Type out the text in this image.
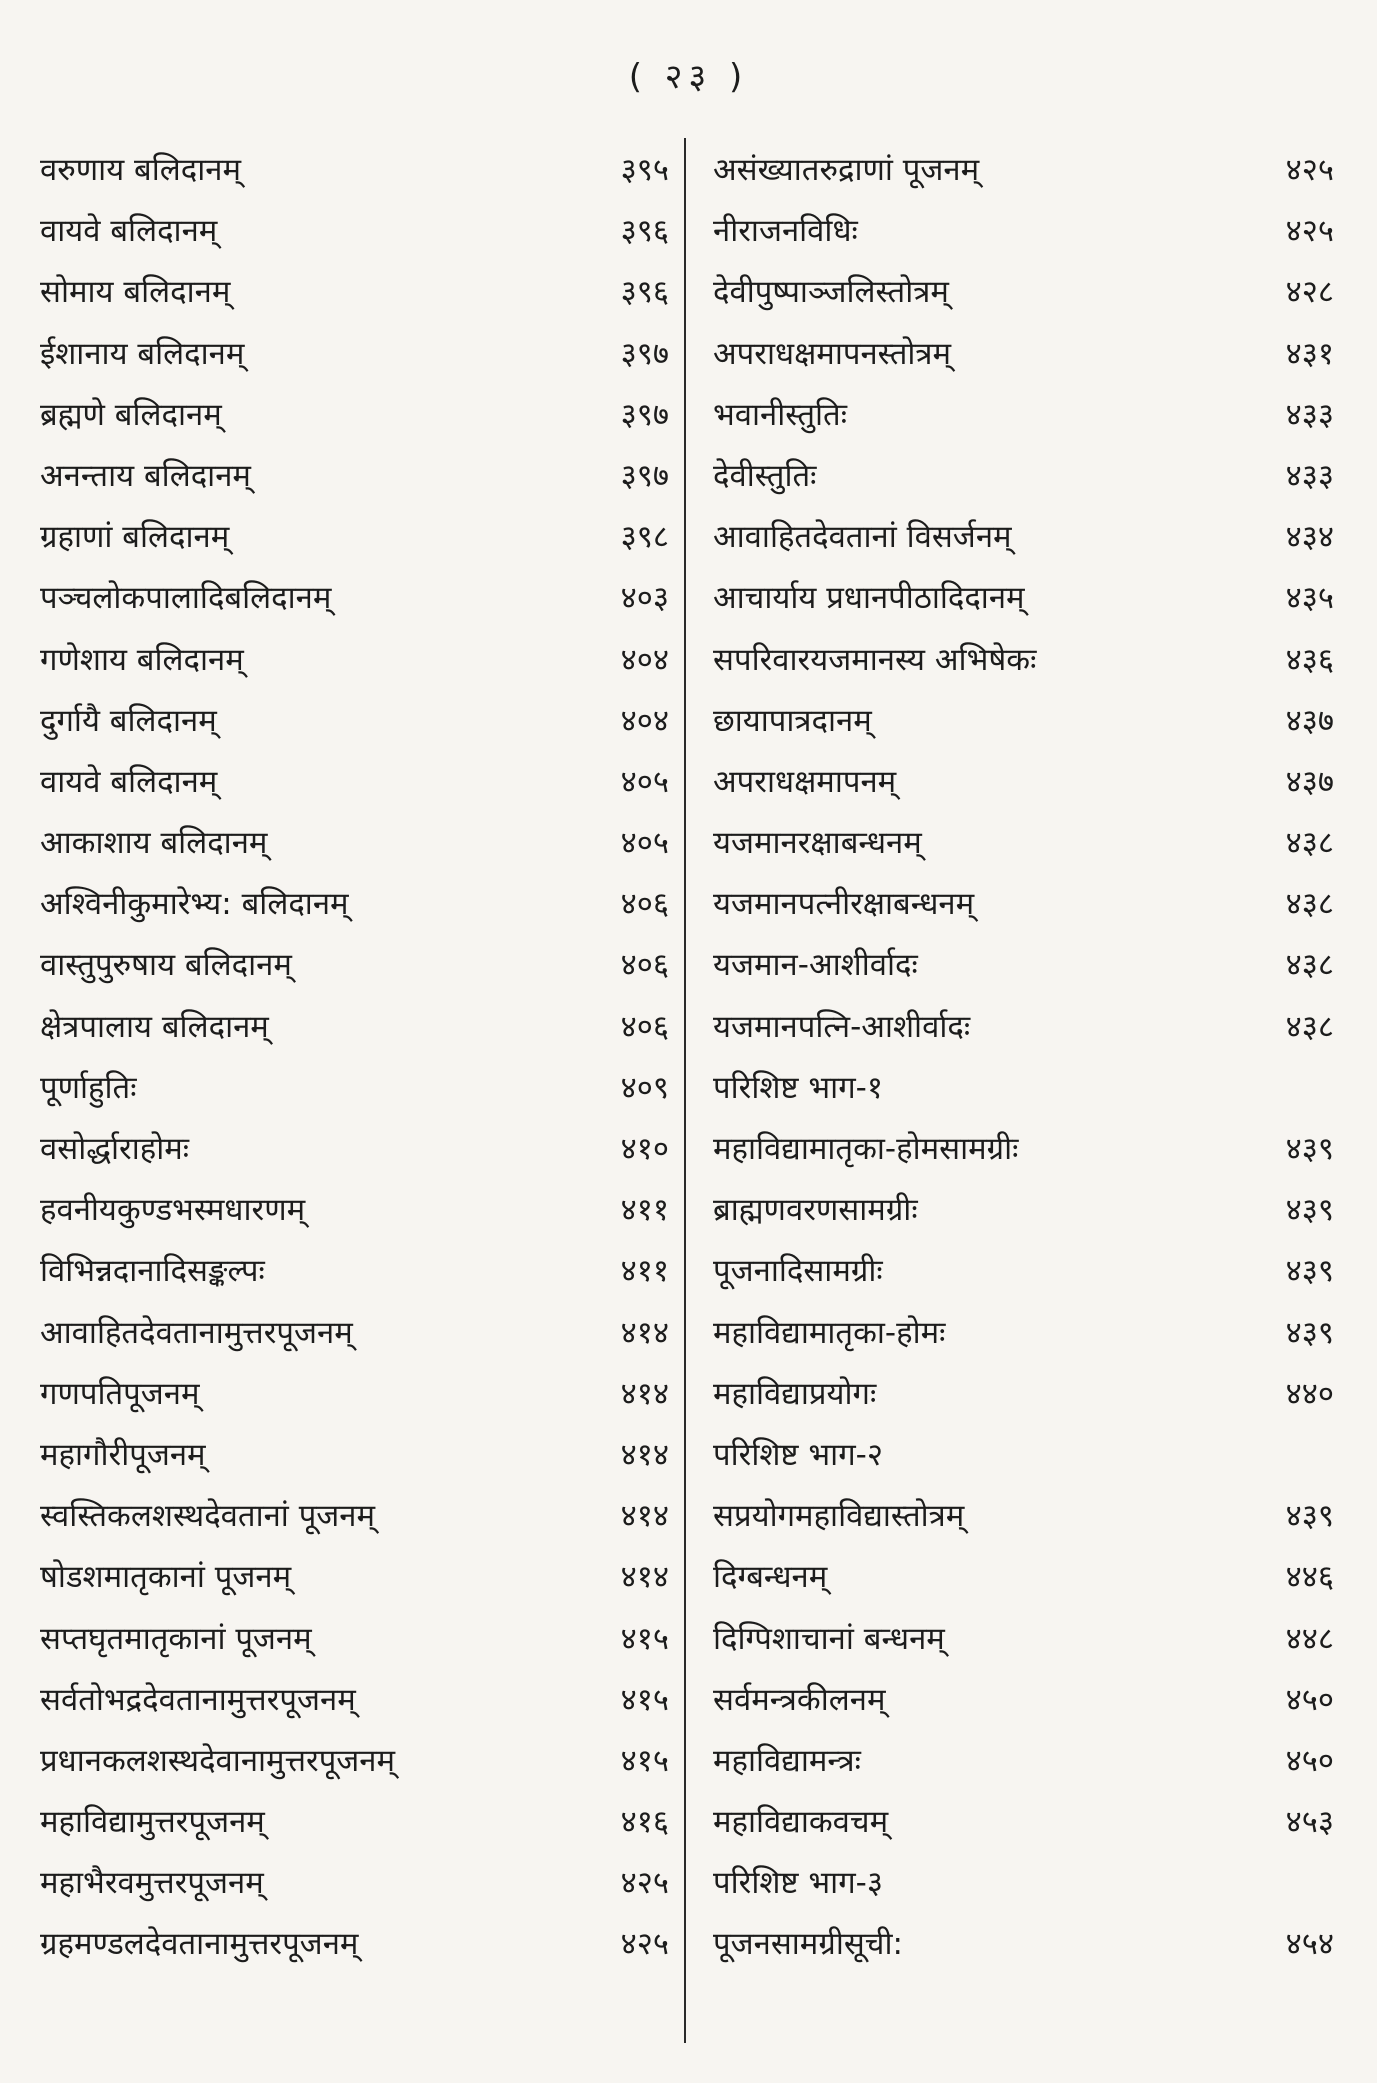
( २३ )
वरुणाय बलिदानम्	३९५
वायवे बलिदानम्	३९६
सोमाय बलिदानम्	३९६
ईशानाय बलिदानम्	३९७
ब्रह्मणे बलिदानम्	३९७
अनन्ताय बलिदानम्	३९७
ग्रहाणां बलिदानम्	३९८
पञ्चलोकपालादिबलिदानम्	४०३
गणेशाय बलिदानम्	४०४
दुर्गायै बलिदानम्	४०४
वायवे बलिदानम्	४०५
आकाशाय बलिदानम्	४०५
अश्विनीकुमारेभ्य: बलिदानम्	४०६
वास्तुपुरुषाय बलिदानम्	४०६
क्षेत्रपालाय बलिदानम्	४०६
पूर्णाहुतिः	४०९
वसोर्द्धाराहोमः	४१०
हवनीयकुण्डभस्मधारणम्	४११
विभिन्नदानादिसङ्कल्पः	४११
आवाहितदेवतानामुत्तरपूजनम्	४१४
गणपतिपूजनम्	४१४
महागौरीपूजनम्	४१४
स्वस्तिकलशस्थदेवतानां पूजनम्	४१४
षोडशमातृकानां पूजनम्	४१४
सप्तघृतमातृकानां पूजनम्	४१५
सर्वतोभद्रदेवतानामुत्तरपूजनम्	४१५
प्रधानकलशस्थदेवानामुत्तरपूजनम्	४१५
महाविद्यामुत्तरपूजनम्	४१६
महाभैरवमुत्तरपूजनम्	४२५
ग्रहमण्डलदेवतानामुत्तरपूजनम्	४२५
असंख्यातरुद्राणां पूजनम्	४२५
नीराजनविधिः	४२५
देवीपुष्पाञ्जलिस्तोत्रम्	४२८
अपराधक्षमापनस्तोत्रम्	४३१
भवानीस्तुतिः	४३३
देवीस्तुतिः	४३३
आवाहितदेवतानां विसर्जनम्	४३४
आचार्याय प्रधानपीठादिदानम्	४३५
सपरिवारयजमानस्य अभिषेकः	४३६
छायापात्रदानम्	४३७
अपराधक्षमापनम्	४३७
यजमानरक्षाबन्धनम्	४३८
यजमानपत्नीरक्षाबन्धनम्	४३८
यजमान-आशीर्वादः	४३८
यजमानपत्नि-आशीर्वादः	४३८
परिशिष्ट भाग-१
महाविद्यामातृका-होमसामग्रीः	४३९
ब्राह्मणवरणसामग्रीः	४३९
पूजनादिसामग्रीः	४३९
महाविद्यामातृका-होमः	४३९
महाविद्याप्रयोगः	४४०
परिशिष्ट भाग-२
सप्रयोगमहाविद्यास्तोत्रम्	४३९
दिग्बन्धनम्	४४६
दिग्पिशाचानां बन्धनम्	४४८
सर्वमन्त्रकीलनम्	४५०
महाविद्यामन्त्रः	४५०
महाविद्याकवचम्	४५३
परिशिष्ट भाग-३
पूजनसामग्रीसूची:	४५४
